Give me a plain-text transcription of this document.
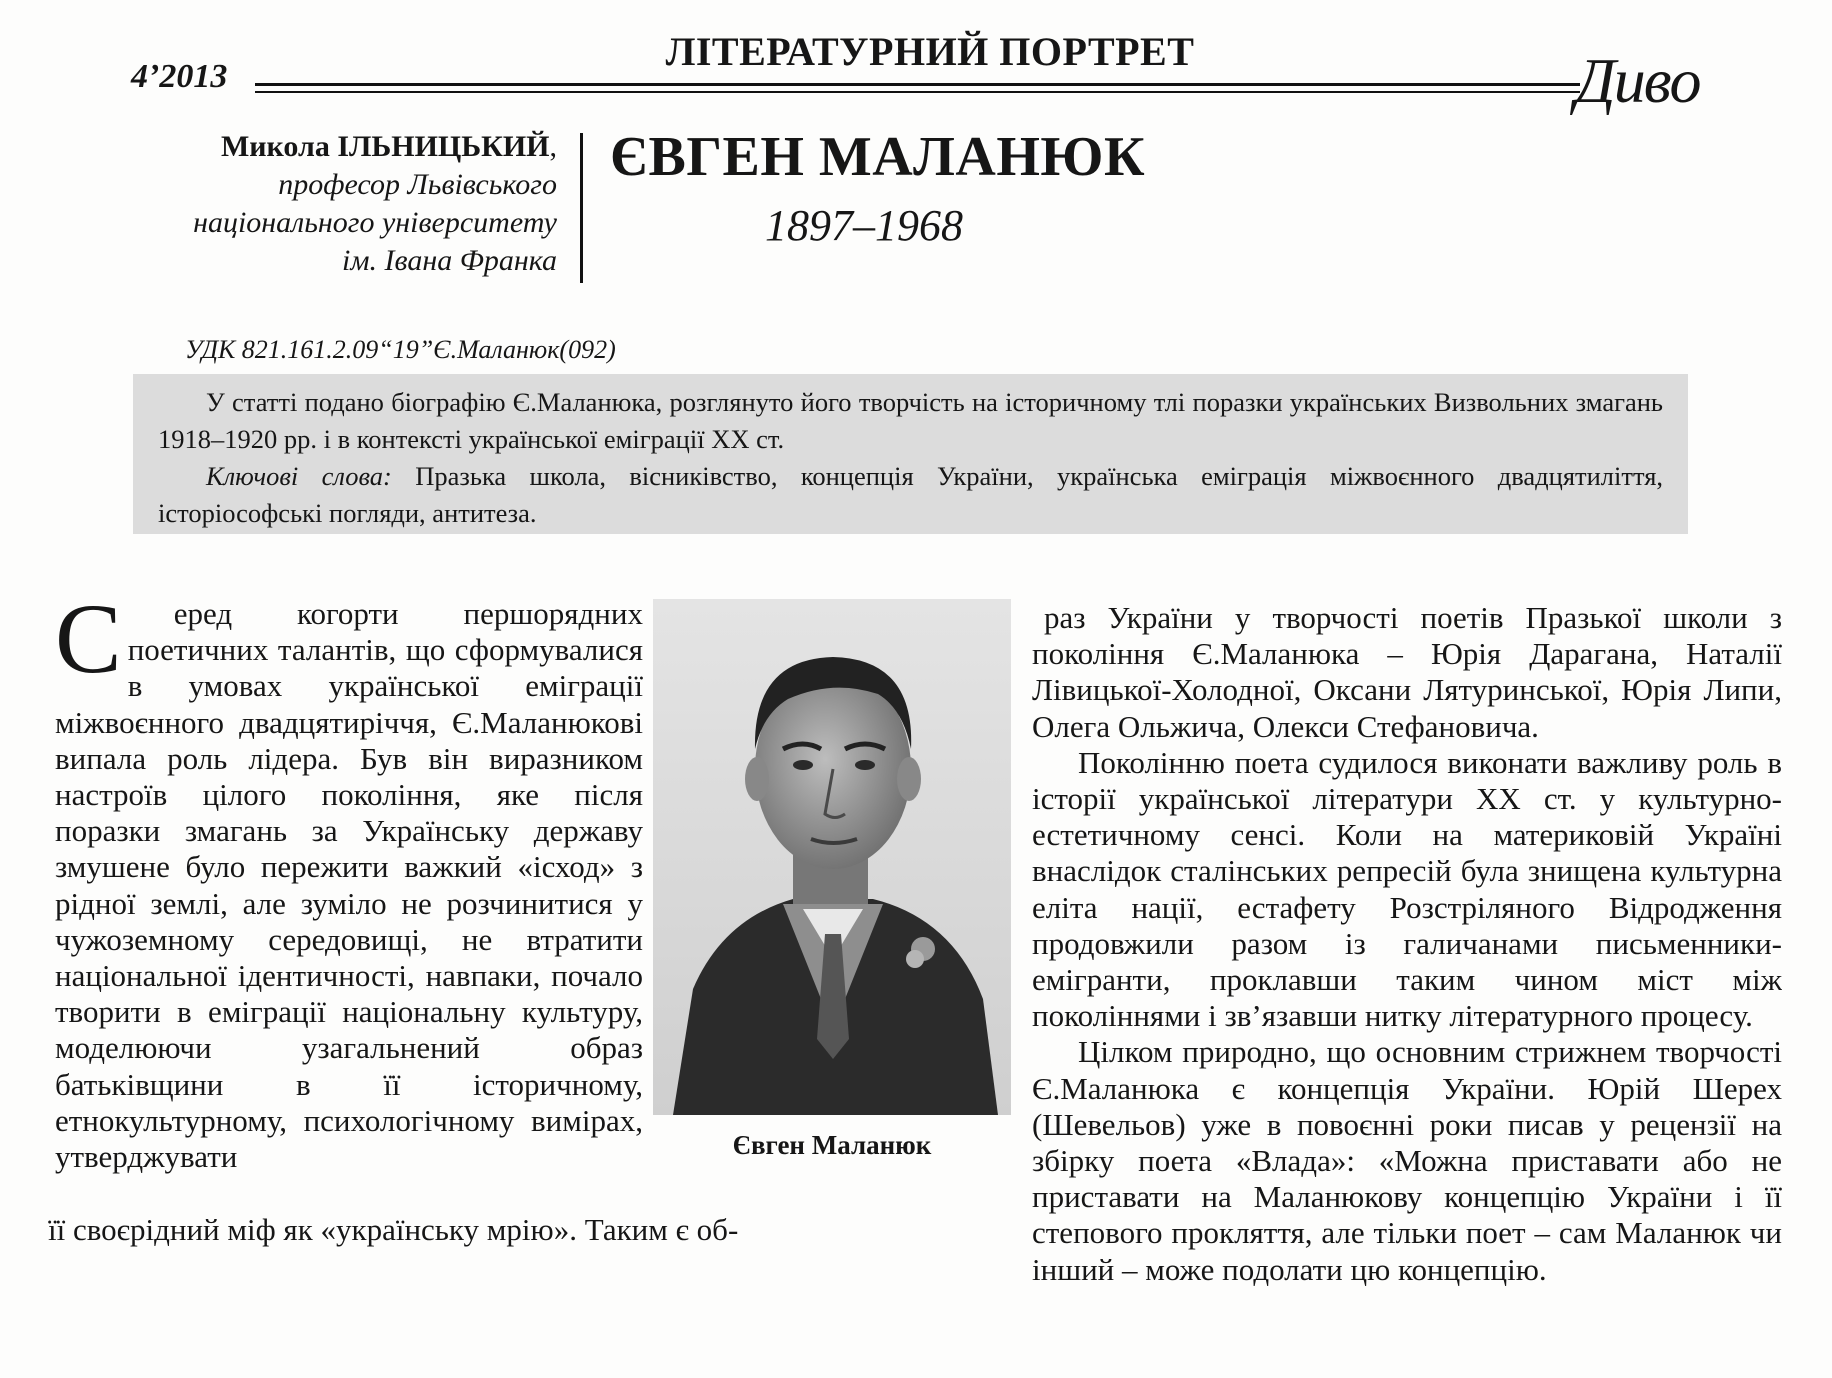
4’2013
ЛІТЕРАТУРНИЙ ПОРТРЕТ	Дивo
Микола ІЛЬНИЦЬКИЙ,
професор Львівського
національного університету
ім. Івана Франка
ЄВГЕН МАЛАНЮК
1897–1968
УДК 821.161.2.09“19”Є.Маланюк(092)

У статті подано біографію Є.Маланюка, розглянуто його творчість на історичному тлі поразки українських Визвольних змагань 1918–1920 рр. і в контексті української еміграції ХХ ст.

Ключові слова: Празька школа, вісниківство, концепція України, українська еміграція міжвоєнного двадцятиліття, історіософські погляди, антитеза.

Євген Маланюк

С еред когорти першорядних поетичних талантів, що сформувалися в умовах української еміграції міжвоєнного двадцятиріччя, Є.Маланюкові випала роль лідера. Був він виразником настроїв цілого покоління, яке після поразки змагань за Українську державу змушене було пережити важкий «ісход» з рідної землі, але зуміло не розчинитися у чужоземному середовищі, не втратити національної ідентичності, навпаки, почало творити в еміграції національну культуру, моделюючи узагальнений образ батьківщини в її історичному, етнокультурному, психологічному вимірах, утверджувати

її своєрідний міф як «українську мрію». Таким є об-

раз України у творчості поетів Празької школи з покоління Є.Маланюка – Юрія Дарагана, Наталії Лівицької-Холодної, Оксани Лятуринської, Юрія Липи, Олега Ольжича, Олекси Стефановича.

Поколінню поета судилося виконати важливу роль в історії української літератури ХХ ст. у культурно-естетичному сенсі. Коли на материковій Україні внаслідок сталінських репресій була знищена культурна еліта нації, естафету Розстріляного Відродження продовжили разом із галичанами письменники-емігранти, проклавши таким чином міст між поколіннями і зв’язавши нитку літературного процесу.

Цілком природно, що основним стрижнем творчості Є.Маланюка є концепція України. Юрій Шерех (Шевельов) уже в повоєнні роки писав у рецензії на збірку поета «Влада»: «Можна приставати або не приставати на Маланюкову концепцію України і її степового прокляття, але тільки поет – сам Маланюк чи інший – може подолати цю концепцію.
